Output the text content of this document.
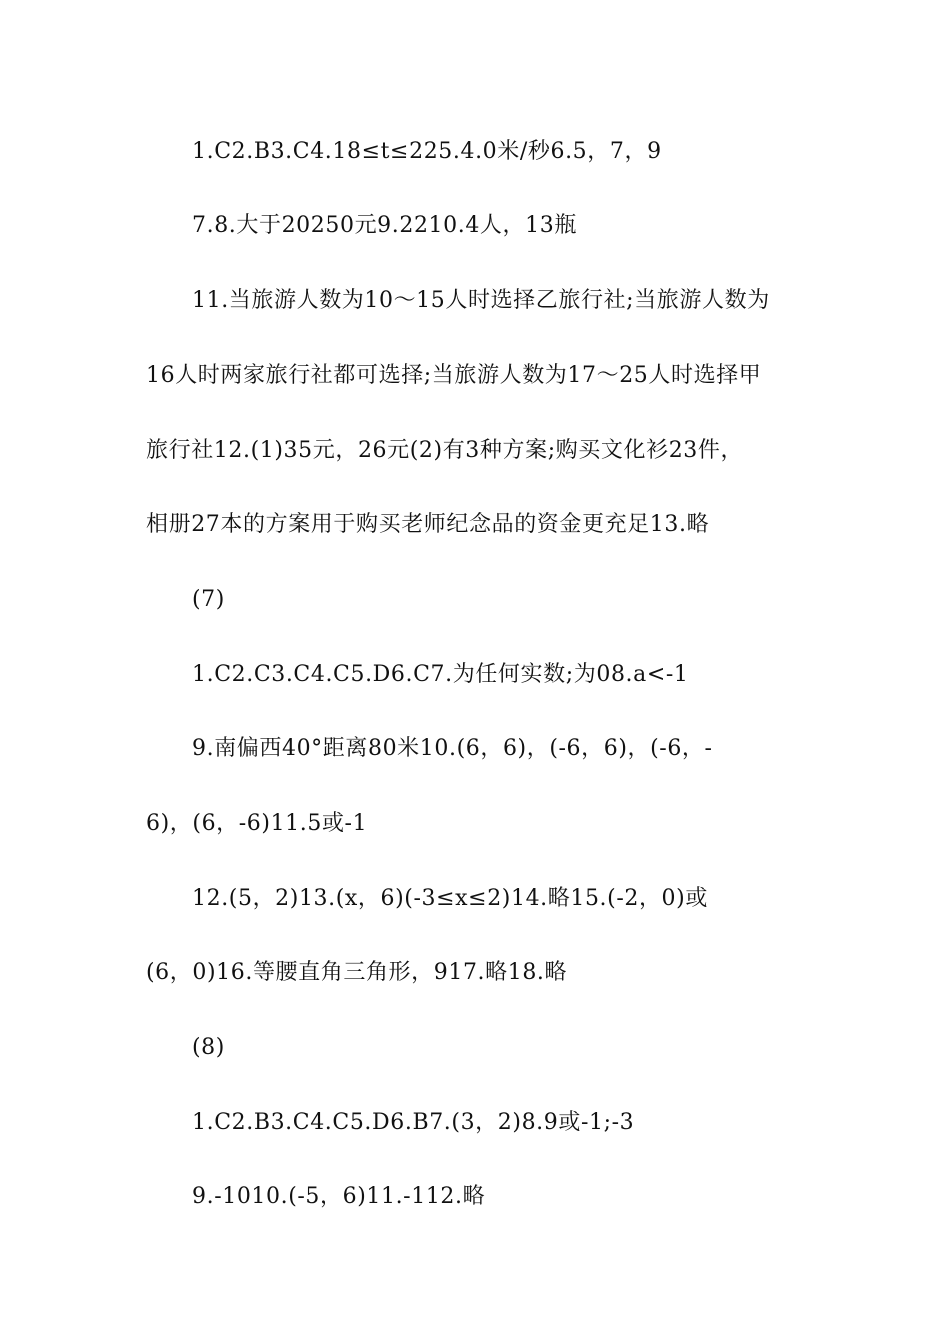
1.C2.B3.C4.18≤t≤225.4.0米/秒6.5，7，9
7.8.大于20250元9.2210.4人，13瓶
11.当旅游人数为10～15人时选择乙旅行社;当旅游人数为
16人时两家旅行社都可选择;当旅游人数为17～25人时选择甲
旅行社12.(1)35元，26元(2)有3种方案;购买文化衫23件，
相册27本的方案用于购买老师纪念品的资金更充足13.略
(7)
1.C2.C3.C4.C5.D6.C7.为任何实数;为08.a<-1
9.南偏西40°距离80米10.(6，6)，(-6，6)，(-6，-
6)，(6，-6)11.5或-1
12.(5，2)13.(x，6)(-3≤x≤2)14.略15.(-2，0)或
(6，0)16.等腰直角三角形，917.略18.略
(8)
1.C2.B3.C4.C5.D6.B7.(3，2)8.9或-1;-3
9.-1010.(-5，6)11.-112.略
